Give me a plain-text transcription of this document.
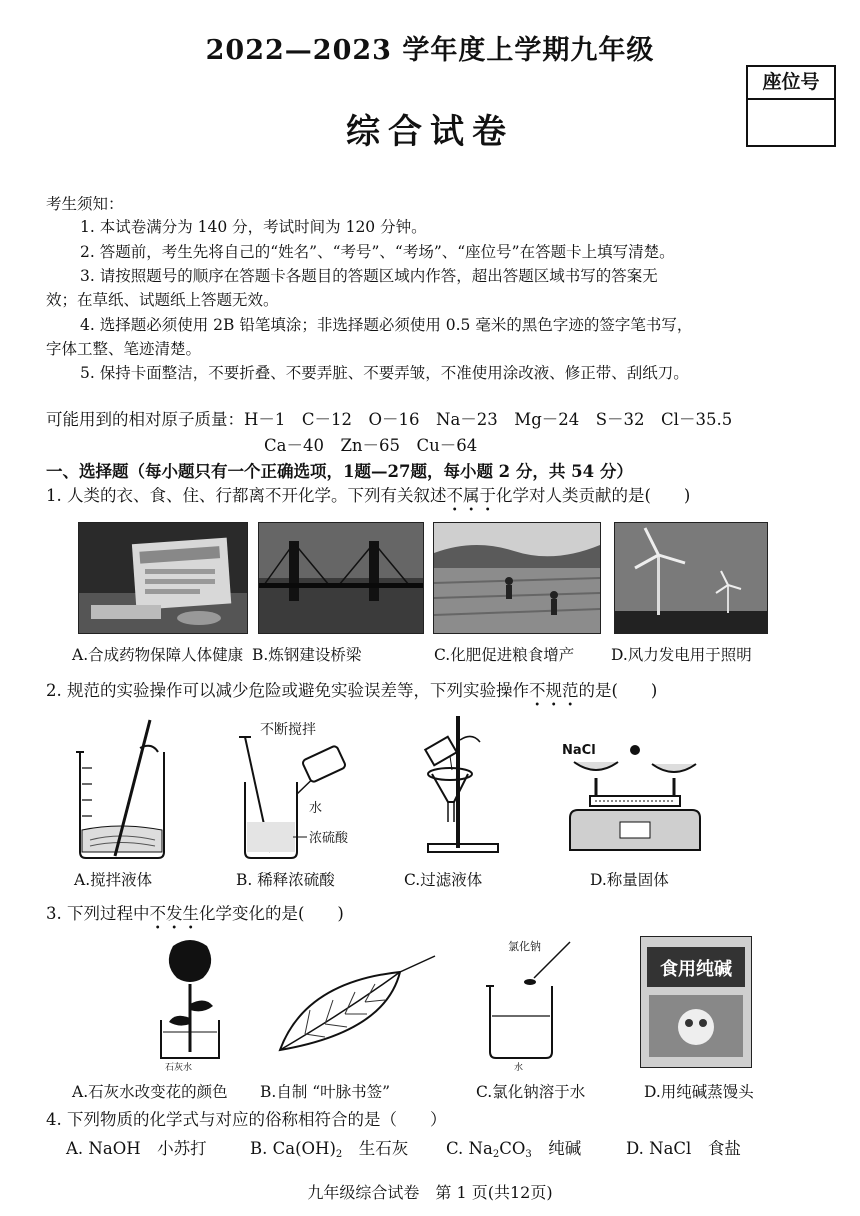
2022—2023 学年度上学期九年级
综合试卷
座位号
考生须知：
1. 本试卷满分为 140 分，考试时间为 120 分钟。
2. 答题前，考生先将自己的“姓名”、“考号”、“考场”、“座位号”在答题卡上填写清楚。
3. 请按照题号的顺序在答题卡各题目的答题区域内作答，超出答题区域书写的答案无
效；在草纸、试题纸上答题无效。
4. 选择题必须使用 2B 铅笔填涂；非选择题必须使用 0.5 毫米的黑色字迹的签字笔书写，
字体工整、笔迹清楚。
5. 保持卡面整洁，不要折叠、不要弄脏、不要弄皱，不准使用涂改液、修正带、刮纸刀。
可能用到的相对原子质量：H－1　C－12　O－16　Na－23　Mg－24　S－32　Cl－35.5
Ca－40　Zn－65　Cu－64
一、选择题（每小题只有一个正确选项，1题—27题，每小题 2 分，共 54 分）
1. 人类的衣、食、住、行都离不开化学。下列有关叙述不属于化学对人类贡献的是(　　)
A.合成药物保障人体健康 B.炼钢建设桥梁	C.化肥促进粮食增产 D.风力发电用于照明
2. 规范的实验操作可以减少危险或避免实验误差等，下列实验操作不规范的是(　　)
不断搅拌
水
浓硫酸
NaCl
A.搅拌液体	B. 稀释浓硫酸	C.过滤液体	D.称量固体
3. 下列过程中不发生化学变化的是(　　)
石灰水
氯化钠
水
食用纯碱
A.石灰水改变花的颜色 B.自制 “叶脉书签”	C.氯化钠溶于水	D.用纯碱蒸馒头
4. 下列物质的化学式与对应的俗称相符合的是（　　）
A. NaOH　 小苏打	B. $Ca(OH)_2$　 生石灰 C. $Na_2CO_3$　 纯碱	D. NaCl　 食盐
九年级综合试卷　第 1 页(共12页)
